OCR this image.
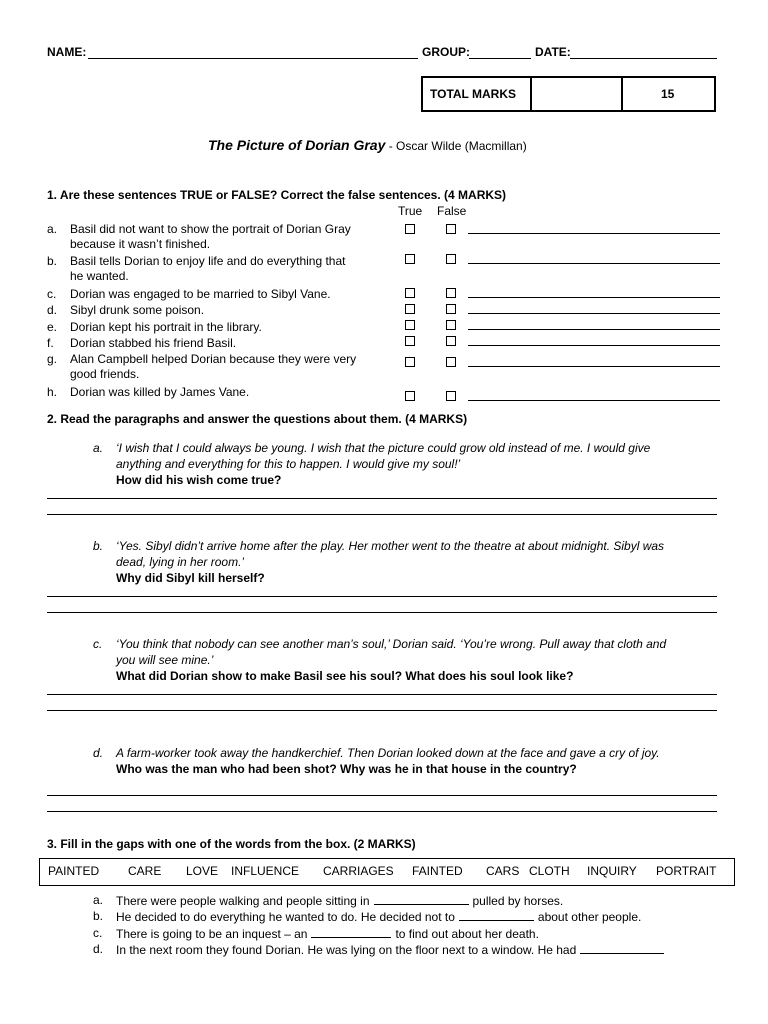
NAME:	GROUP:	DATE:
TOTAL MARKS	15
The Picture of Dorian Gray - Oscar Wilde (Macmillan)
1. Are these sentences TRUE or FALSE? Correct the false sentences. (4 MARKS)
True False
a. Basil did not want to show the portrait of Dorian Gray
because it wasn’t finished.
b. Basil tells Dorian to enjoy life and do everything that
he wanted.
c. Dorian was engaged to be married to Sibyl Vane.
d. Sibyl drunk some poison.
e. Dorian kept his portrait in the library.
f. Dorian stabbed his friend Basil.
g. Alan Campbell helped Dorian because they were very
good friends.
h. Dorian was killed by James Vane.
2. Read the paragraphs and answer the questions about them. (4 MARKS)
a. ‘I wish that I could always be young. I wish that the picture could grow old instead of me. I would give
anything and everything for this to happen. I would give my soul!’
How did his wish come true?
b. ‘Yes. Sibyl didn’t arrive home after the play. Her mother went to the theatre at about midnight. Sibyl was
dead, lying in her room.’
Why did Sibyl kill herself?
c. ‘You think that nobody can see another man’s soul,’ Dorian said. ‘You’re wrong. Pull away that cloth and
you will see mine.’
What did Dorian show to make Basil see his soul? What does his soul look like?
d. A farm-worker took away the handkerchief. Then Dorian looked down at the face and gave a cry of joy.
Who was the man who had been shot? Why was he in that house in the country?
3. Fill in the gaps with one of the words from the box. (2 MARKS)
PAINTED CARE LOVE INFLUENCE CARRIAGES FAINTED CARS CLOTH INQUIRY PORTRAIT
a. There were people walking and people sitting in	pulled by horses.
b. He decided to do everything he wanted to do. He decided not to	about other people.
c. There is going to be an inquest – an	to find out about her death.
d. In the next room they found Dorian. He was lying on the floor next to a window. He had
